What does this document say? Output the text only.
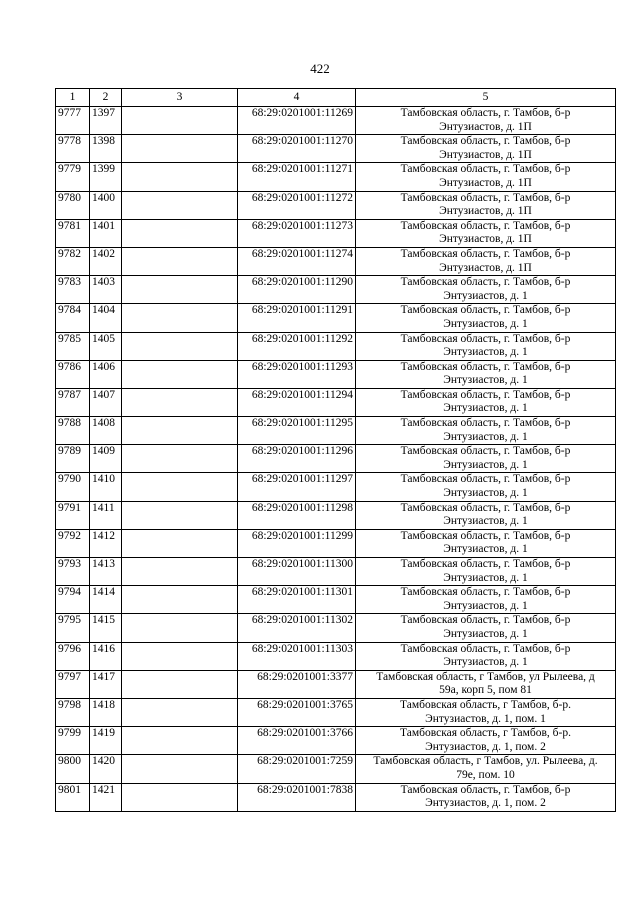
422
1	2	3	4	5
9777	1397		68:29:0201001:11269	Тамбовская область, г. Тамбов, б-р
Энтузиастов, д. 1П

9778	1398		68:29:0201001:11270	Тамбовская область, г. Тамбов, б-р
Энтузиастов, д. 1П

9779	1399		68:29:0201001:11271	Тамбовская область, г. Тамбов, б-р
Энтузиастов, д. 1П

9780	1400		68:29:0201001:11272	Тамбовская область, г. Тамбов, б-р
Энтузиастов, д. 1П

9781	1401		68:29:0201001:11273	Тамбовская область, г. Тамбов, б-р
Энтузиастов, д. 1П

9782	1402		68:29:0201001:11274	Тамбовская область, г. Тамбов, б-р
Энтузиастов, д. 1П

9783	1403		68:29:0201001:11290	Тамбовская область, г. Тамбов, б-р
Энтузиастов, д. 1

9784	1404		68:29:0201001:11291	Тамбовская область, г. Тамбов, б-р
Энтузиастов, д. 1

9785	1405		68:29:0201001:11292	Тамбовская область, г. Тамбов, б-р
Энтузиастов, д. 1

9786	1406		68:29:0201001:11293	Тамбовская область, г. Тамбов, б-р
Энтузиастов, д. 1

9787	1407		68:29:0201001:11294	Тамбовская область, г. Тамбов, б-р
Энтузиастов, д. 1

9788	1408		68:29:0201001:11295	Тамбовская область, г. Тамбов, б-р
Энтузиастов, д. 1

9789	1409		68:29:0201001:11296	Тамбовская область, г. Тамбов, б-р
Энтузиастов, д. 1

9790	1410		68:29:0201001:11297	Тамбовская область, г. Тамбов, б-р
Энтузиастов, д. 1

9791	1411		68:29:0201001:11298	Тамбовская область, г. Тамбов, б-р
Энтузиастов, д. 1

9792	1412		68:29:0201001:11299	Тамбовская область, г. Тамбов, б-р
Энтузиастов, д. 1

9793	1413		68:29:0201001:11300	Тамбовская область, г. Тамбов, б-р
Энтузиастов, д. 1

9794	1414		68:29:0201001:11301	Тамбовская область, г. Тамбов, б-р
Энтузиастов, д. 1

9795	1415		68:29:0201001:11302	Тамбовская область, г. Тамбов, б-р
Энтузиастов, д. 1

9796	1416		68:29:0201001:11303	Тамбовская область, г. Тамбов, б-р
Энтузиастов, д. 1

9797	1417		68:29:0201001:3377	Тамбовская область, г Тамбов, ул Рылеева, д
59а, корп 5, пом 81

9798	1418		68:29:0201001:3765	Тамбовская область, г Тамбов, б-р.
Энтузиастов, д. 1, пом. 1

9799	1419		68:29:0201001:3766	Тамбовская область, г Тамбов, б-р.
Энтузиастов, д. 1, пом. 2

9800	1420		68:29:0201001:7259	Тамбовская область, г Тамбов, ул. Рылеева, д.
79е, пом. 10

9801	1421		68:29:0201001:7838	Тамбовская область, г. Тамбов, б-р
Энтузиастов, д. 1, пом. 2
